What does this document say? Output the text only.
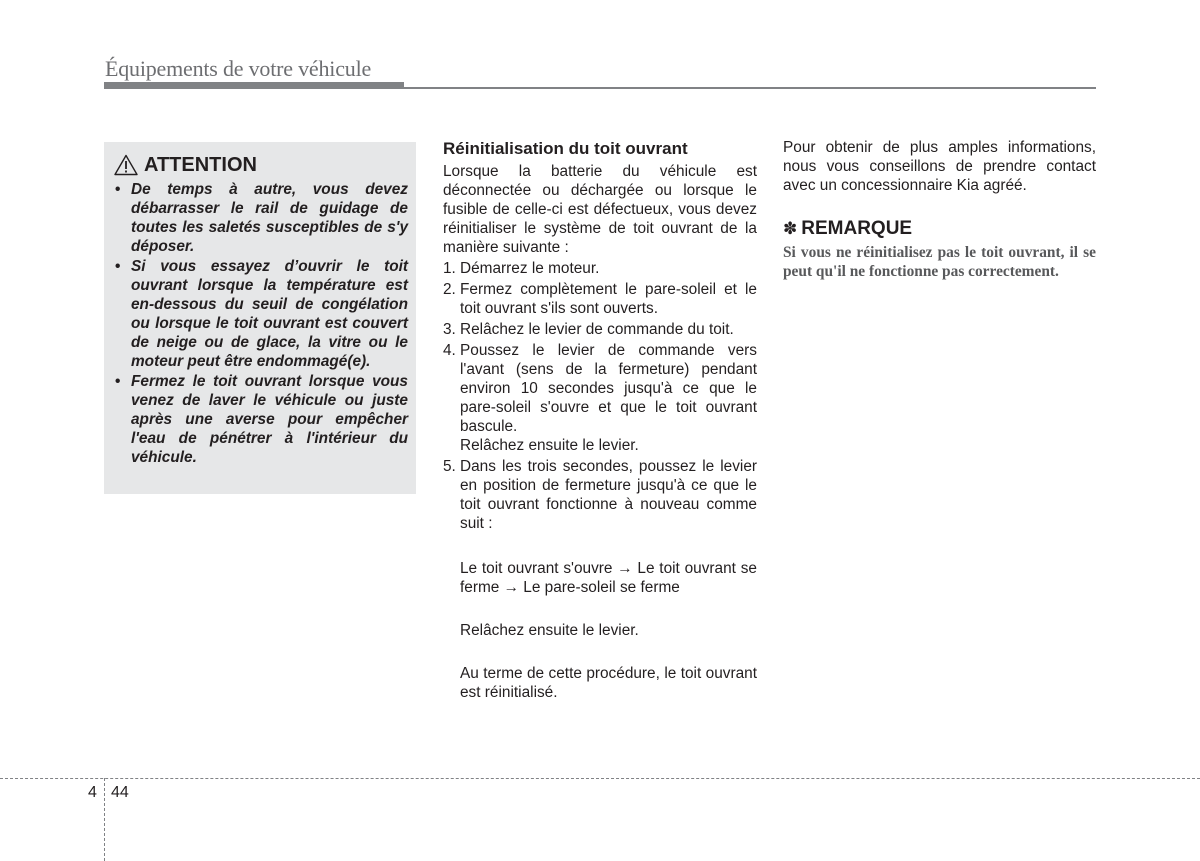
Équipements de votre véhicule
ATTENTION
• De temps à autre, vous devez débarrasser le rail de guidage de toutes les saletés susceptibles de s'y déposer.
• Si vous essayez d’ouvrir le toit ouvrant lorsque la température est en-dessous du seuil de congélation ou lorsque le toit ouvrant est couvert de neige ou de glace, la vitre ou le moteur peut être endommagé(e).
• Fermez le toit ouvrant lorsque vous venez de laver le véhicule ou juste après une averse pour empêcher l'eau de pénétrer à l'intérieur du véhicule.
Réinitialisation du toit ouvrant

Lorsque la batterie du véhicule est déconnectée ou déchargée ou lorsque le fusible de celle-ci est défectueux, vous devez réinitialiser le système de toit ouvrant de la manière suivante :

1. Démarrez le moteur.
2. Fermez complètement le pare-soleil et le toit ouvrant s'ils sont ouverts.
3. Relâchez le levier de commande du toit.
4. Poussez le levier de commande vers l'avant (sens de la fermeture) pendant environ 10 secondes jusqu'à ce que le pare-soleil s'ouvre et que le toit ouvrant bascule.

Relâchez ensuite le levier.

5. Dans les trois secondes, poussez le levier en position de fermeture jusqu'à ce que le toit ouvrant fonctionne à nouveau comme suit :
Le toit ouvrant s'ouvre → Le toit ouvrant se ferme → Le pare-soleil se ferme
Relâchez ensuite le levier.
Au terme de cette procédure, le toit ouvrant est réinitialisé.

Pour obtenir de plus amples informations, nous vous conseillons de prendre contact avec un concessionnaire Kia agréé.

✽ REMARQUE

Si vous ne réinitialisez pas le toit ouvrant, il se peut qu'il ne fonctionne pas correctement.

4 44
